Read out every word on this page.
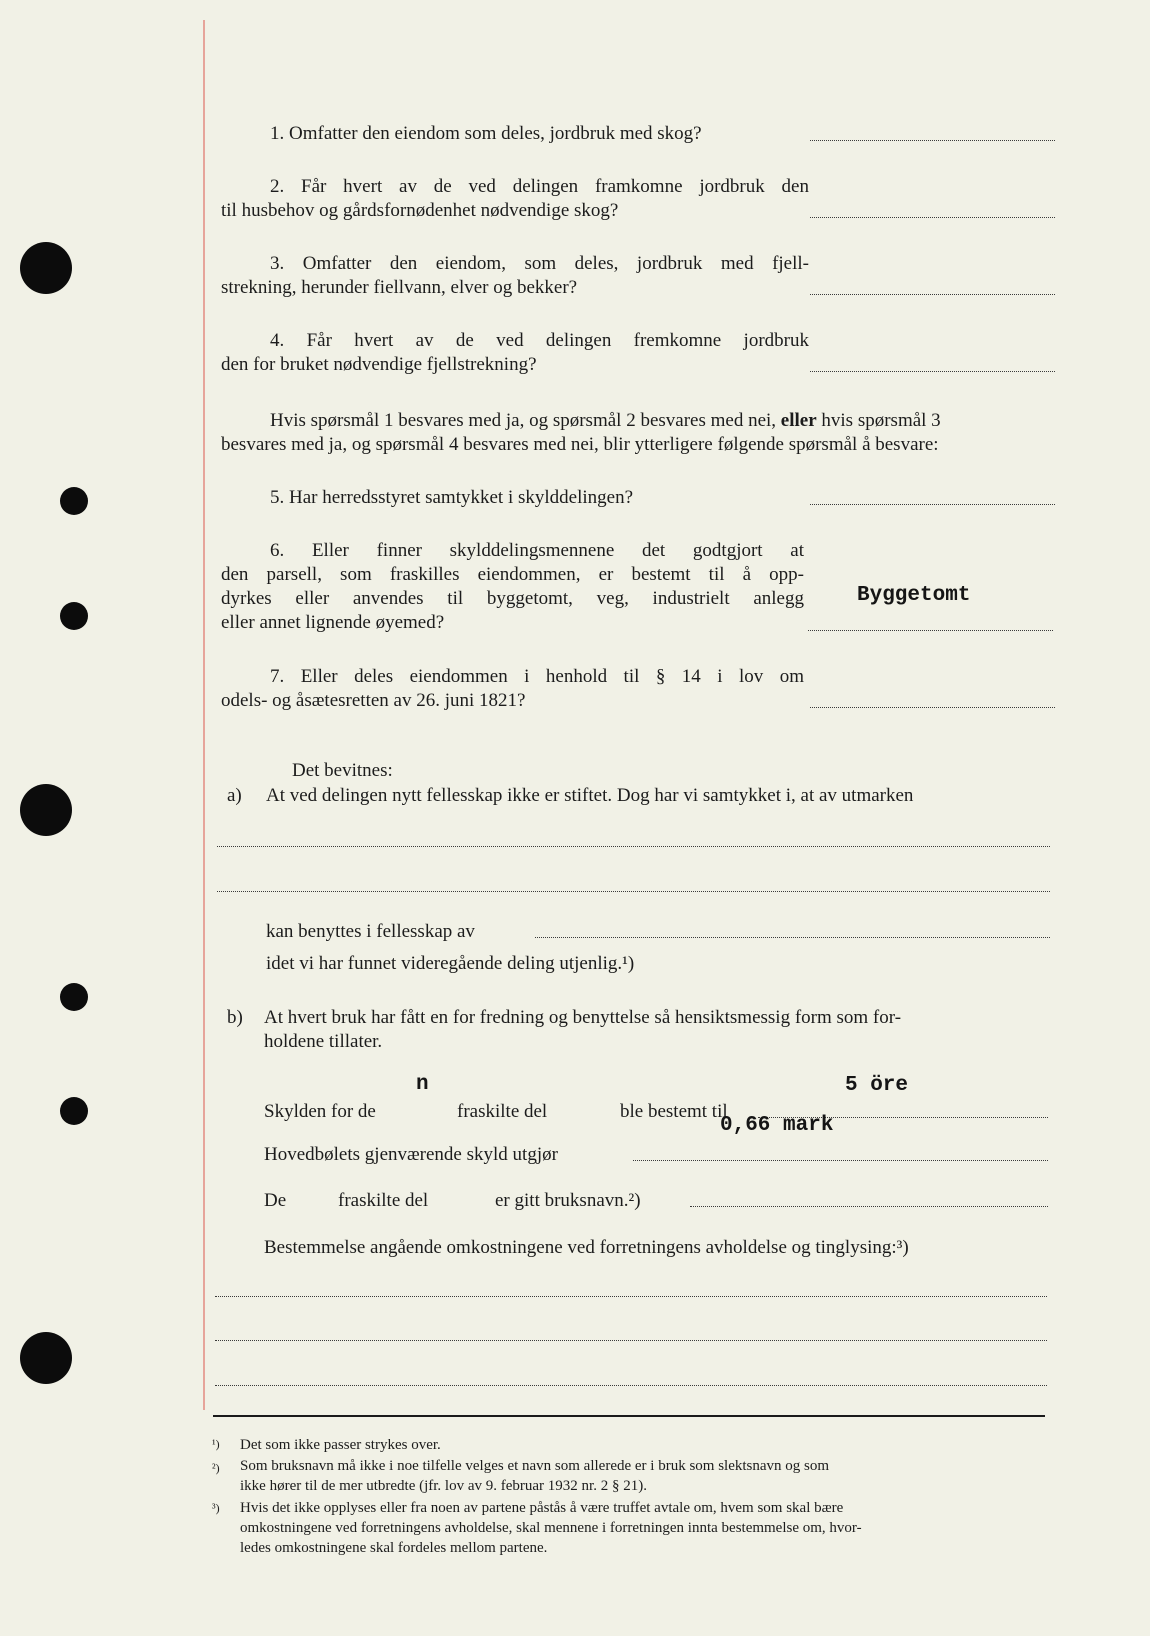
1. Omfatter den eiendom som deles, jordbruk med skog?
2. Får hvert av de ved delingen framkomne jordbruk den
til husbehov og gårdsfornødenhet nødvendige skog?
3. Omfatter den eiendom, som deles, jordbruk med fjell-
strekning, herunder fiellvann, elver og bekker?
4. Får hvert av de ved delingen fremkomne jordbruk
den for bruket nødvendige fjellstrekning?
Hvis spørsmål 1 besvares med ja, og spørsmål 2 besvares med nei, eller hvis spørsmål 3
besvares med ja, og spørsmål 4 besvares med nei, blir ytterligere følgende spørsmål å besvare:
5. Har herredsstyret samtykket i skylddelingen?
6. Eller finner skylddelingsmennene det godtgjort at
den parsell, som fraskilles eiendommen, er bestemt til å opp-
dyrkes eller anvendes til byggetomt, veg, industrielt anlegg
eller annet lignende øyemed?
Byggetomt
7. Eller deles eiendommen i henhold til § 14 i lov om
odels- og åsætesretten av 26. juni 1821?
Det bevitnes:
a) At ved delingen nytt fellesskap ikke er stiftet. Dog har vi samtykket i, at av utmarken
kan benyttes i fellesskap av
idet vi har funnet videregående deling utjenlig.¹)
b) At hvert bruk har fått en for fredning og benyttelse så hensiktsmessig form som for-
holdene tillater.
n	5 öre
Skylden for de	fraskilte del	ble bestemt til
0,66 mark
Hovedbølets gjenværende skyld utgjør
De	fraskilte del	er gitt bruksnavn.²)
Bestemmelse angående omkostningene ved forretningens avholdelse og tinglysing:³)
¹) Det som ikke passer strykes over.
²) Som bruksnavn må ikke i noe tilfelle velges et navn som allerede er i bruk som slektsnavn og som
ikke hører til de mer utbredte (jfr. lov av 9. februar 1932 nr. 2 § 21).
³) Hvis det ikke opplyses eller fra noen av partene påstås å være truffet avtale om, hvem som skal bære
omkostningene ved forretningens avholdelse, skal mennene i forretningen innta bestemmelse om, hvor-
ledes omkostningene skal fordeles mellom partene.
